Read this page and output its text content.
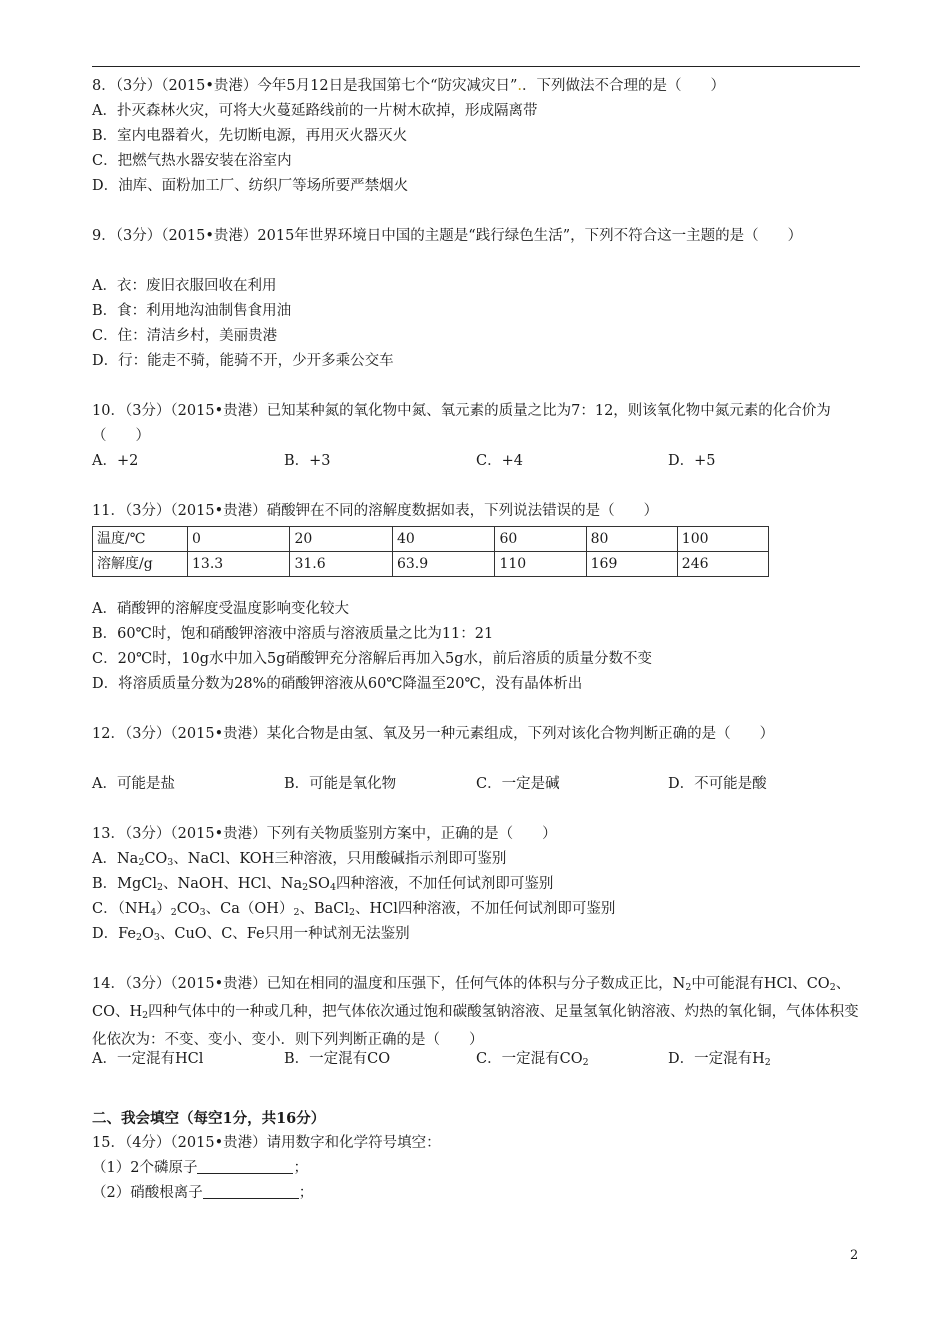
8．（3分）（2015•贵港）今年5月12日是我国第七个“防灾减灾日”.．下列做法不合理的是（　　）
A．扑灭森林火灾，可将大火蔓延路线前的一片树木砍掉，形成隔离带
B．室内电器着火，先切断电源，再用灭火器灭火
C．把燃气热水器安装在浴室内
D．油库、面粉加工厂、纺织厂等场所要严禁烟火
9．（3分）（2015•贵港）2015年世界环境日中国的主题是“践行绿色生活”，下列不符合这一主题的是（　　）
A．衣：废旧衣服回收在利用
B．食：利用地沟油制售食用油
C．住：清洁乡村，美丽贵港
D．行：能走不骑，能骑不开，少开多乘公交车
10．（3分）（2015•贵港）已知某种氮的氧化物中氮、氧元素的质量之比为7：12，则该氧化物中氮元素的化合价为（　　）
A．+2	B．+3	C．+4	D．+5
11．（3分）（2015•贵港）硝酸钾在不同的溶解度数据如表，下列说法错误的是（　　）
温度/℃	0	20	40	60	80	100
溶解度/g	13.3	31.6	63.9	110	169	246
A．硝酸钾的溶解度受温度影响变化较大
B．60℃时，饱和硝酸钾溶液中溶质与溶液质量之比为11：21
C．20℃时，10g水中加入5g硝酸钾充分溶解后再加入5g水，前后溶质的质量分数不变
D．将溶质质量分数为28%的硝酸钾溶液从60℃降温至20℃，没有晶体析出
12．（3分）（2015•贵港）某化合物是由氢、氧及另一种元素组成，下列对该化合物判断正确的是（　　）
A．可能是盐	B．可能是氧化物	C．一定是碱	D．不可能是酸
13．（3分）（2015•贵港）下列有关物质鉴别方案中，正确的是（　　）
A．$Na_2CO_3$、NaCl、KOH三种溶液，只用酸碱指示剂即可鉴别
B．MgCl$_2$、NaOH、HCl、$Na_2SO_4$四种溶液，不加任何试剂即可鉴别
C．$(NH_4)_2CO_3$、$Ca(OH)_2$、BaCl$_2$、HCl四种溶液，不加任何试剂即可鉴别
D．$Fe_2O_3$、CuO、C、Fe只用一种试剂无法鉴别
14．（3分）（2015•贵港）已知在相同的温度和压强下，任何气体的体积与分子数成正比，$N_2$中可能混有HCl、$CO_2$、CO、$H_2$四种气体中的一种或几种，把气体依次通过饱和碳酸氢钠溶液、足量氢氧化钠溶液、灼热的氧化铜，气体体积变化依次为：不变、变小、变小．则下列判断正确的是（　　）
A．一定混有HCl	B．一定混有CO	C．一定混有$CO_2$	D．一定混有$H_2$
二、我会填空（每空1分，共16分）
15．（4分）（2015•贵港）请用数字和化学符号填空：
（1）2个磷原子	；
（2）硝酸根离子	；
2
